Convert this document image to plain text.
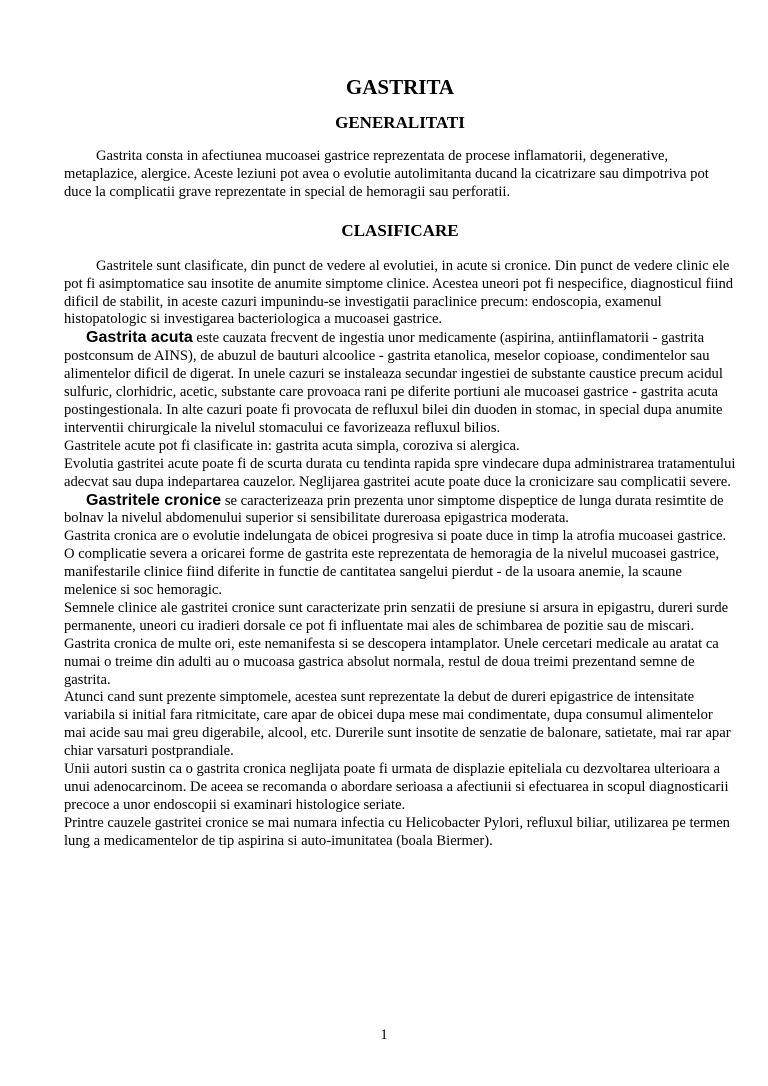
GASTRITA
GENERALITATI

Gastrita consta in afectiunea mucoasei gastrice reprezentata de procese inflamatorii, degenerative, metaplazice, alergice. Aceste leziuni pot avea o evolutie autolimitanta ducand la cicatrizare sau dimpotriva pot duce la complicatii grave reprezentate in special de hemoragii sau perforatii.

CLASIFICARE

Gastritele sunt clasificate, din punct de vedere al evolutiei, in acute si cronice. Din punct de vedere clinic ele pot fi asimptomatice sau insotite de anumite simptome clinice. Acestea uneori pot fi nespecifice, diagnosticul fiind dificil de stabilit, in aceste cazuri impunindu-se investigatii paraclinice precum: endoscopia, examenul histopatologic si investigarea bacteriologica a mucoasei gastrice.

Gastrita acuta este cauzata frecvent de ingestia unor medicamente (aspirina, antiinflamatorii - gastrita postconsum de AINS), de abuzul de bauturi alcoolice - gastrita etanolica, meselor copioase, condimentelor sau alimentelor dificil de digerat. In unele cazuri se instaleaza secundar ingestiei de substante caustice precum acidul sulfuric, clorhidric, acetic, substante care provoaca rani pe diferite portiuni ale mucoasei gastrice - gastrita acuta postingestionala. In alte cazuri poate fi provocata de refluxul bilei din duoden in stomac, in special dupa anumite interventii chirurgicale la nivelul stomacului ce favorizeaza refluxul bilios.

Gastritele acute pot fi clasificate in: gastrita acuta simpla, coroziva si alergica.

Evolutia gastritei acute poate fi de scurta durata cu tendinta rapida spre vindecare dupa administrarea tratamentului adecvat sau dupa indepartarea cauzelor. Neglijarea gastritei acute poate duce la cronicizare sau complicatii severe.

Gastritele cronice se caracterizeaza prin prezenta unor simptome dispeptice de lunga durata resimtite de bolnav la nivelul abdomenului superior si sensibilitate dureroasa epigastrica moderata.

Gastrita cronica are o evolutie indelungata de obicei progresiva si poate duce in timp la atrofia mucoasei gastrice.

O complicatie severa a oricarei forme de gastrita este reprezentata de hemoragia de la nivelul mucoasei gastrice, manifestarile clinice fiind diferite in functie de cantitatea sangelui pierdut - de la usoara anemie, la scaune melenice si soc hemoragic.

Semnele clinice ale gastritei cronice sunt caracterizate prin senzatii de presiune si arsura in epigastru, dureri surde permanente, uneori cu iradieri dorsale ce pot fi influentate mai ales de schimbarea de pozitie sau de miscari.

Gastrita cronica de multe ori, este nemanifesta si se descopera intamplator. Unele cercetari medicale au aratat ca numai o treime din adulti au o mucoasa gastrica absolut normala, restul de doua treimi prezentand semne de gastrita.

Atunci cand sunt prezente simptomele, acestea sunt reprezentate la debut de dureri epigastrice de intensitate variabila si initial fara ritmicitate, care apar de obicei dupa mese mai condimentate, dupa consumul alimentelor mai acide sau mai greu digerabile, alcool, etc. Durerile sunt insotite de senzatie de balonare, satietate, mai rar apar chiar varsaturi postprandiale.

Unii autori sustin ca o gastrita cronica neglijata poate fi urmata de displazie epiteliala cu dezvoltarea ulterioara a unui adenocarcinom. De aceea se recomanda o abordare serioasa a afectiunii si efectuarea in scopul diagnosticarii precoce a unor endoscopii si examinari histologice seriate.

Printre cauzele gastritei cronice se mai numara infectia cu Helicobacter Pylori, refluxul biliar, utilizarea pe termen lung a medicamentelor de tip aspirina si auto-imunitatea (boala Biermer).

1
